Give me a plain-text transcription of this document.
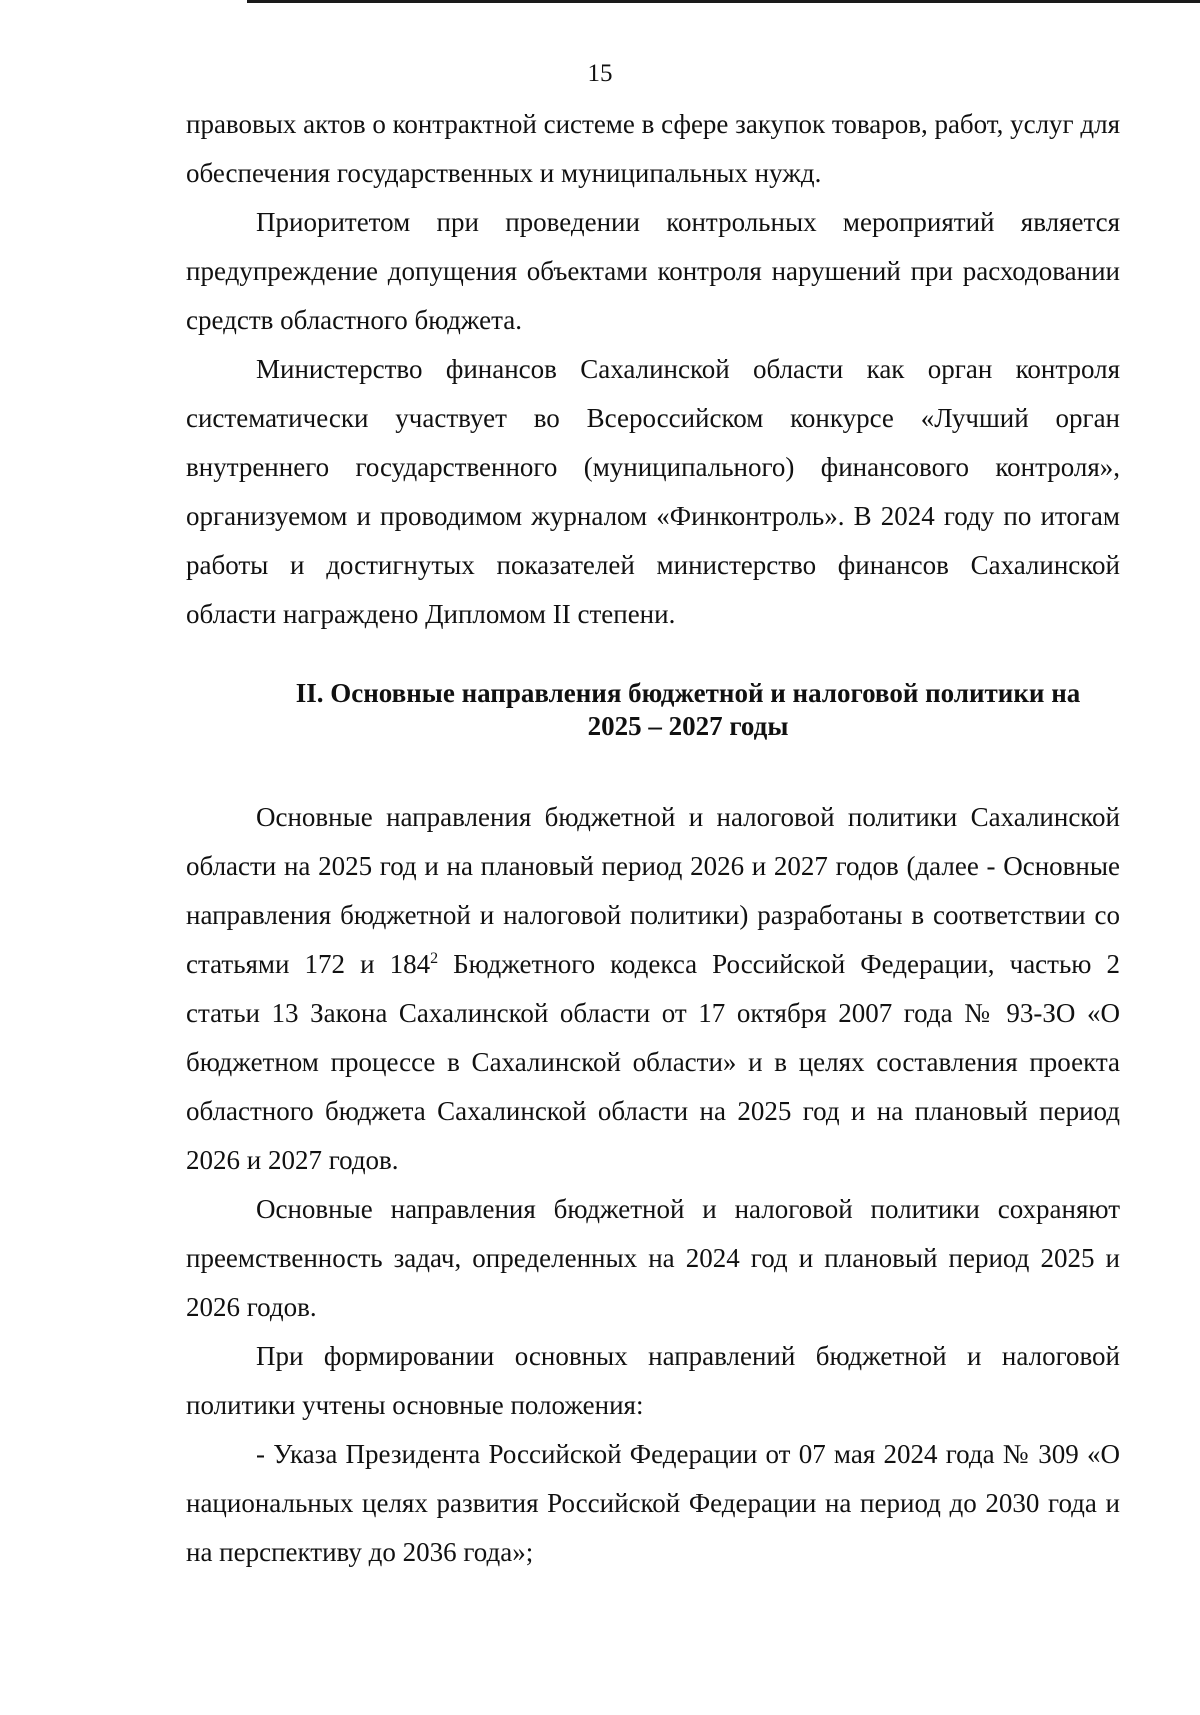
15

правовых актов о контрактной системе в сфере закупок товаров, работ, услуг для обеспечения государственных и муниципальных нужд.

Приоритетом при проведении контрольных мероприятий является предупреждение допущения объектами контроля нарушений при расходовании средств областного бюджета.

Министерство финансов Сахалинской области как орган контроля систематически участвует во Всероссийском конкурсе «Лучший орган внутреннего государственного (муниципального) финансового контроля», организуемом и проводимом журналом «Финконтроль». В 2024 году по итогам работы и достигнутых показателей министерство финансов Сахалинской области награждено Дипломом II степени.

II. Основные направления бюджетной и налоговой политики на
2025 – 2027 годы

Основные направления бюджетной и налоговой политики Сахалинской области на 2025 год и на плановый период 2026 и 2027 годов (далее - Основные направления бюджетной и налоговой политики) разработаны в соответствии со статьями 172 и $184^2$ Бюджетного кодекса Российской Федерации, частью 2 статьи 13 Закона Сахалинской области от 17 октября 2007 года № 93-ЗО «О бюджетном процессе в Сахалинской области» и в целях составления проекта областного бюджета Сахалинской области на 2025 год и на плановый период 2026 и 2027 годов.

Основные направления бюджетной и налоговой политики сохраняют преемственность задач, определенных на 2024 год и плановый период 2025 и 2026 годов.

При формировании основных направлений бюджетной и налоговой политики учтены основные положения:

- Указа Президента Российской Федерации от 07 мая 2024 года № 309 «О национальных целях развития Российской Федерации на период до 2030 года и на перспективу до 2036 года»;
